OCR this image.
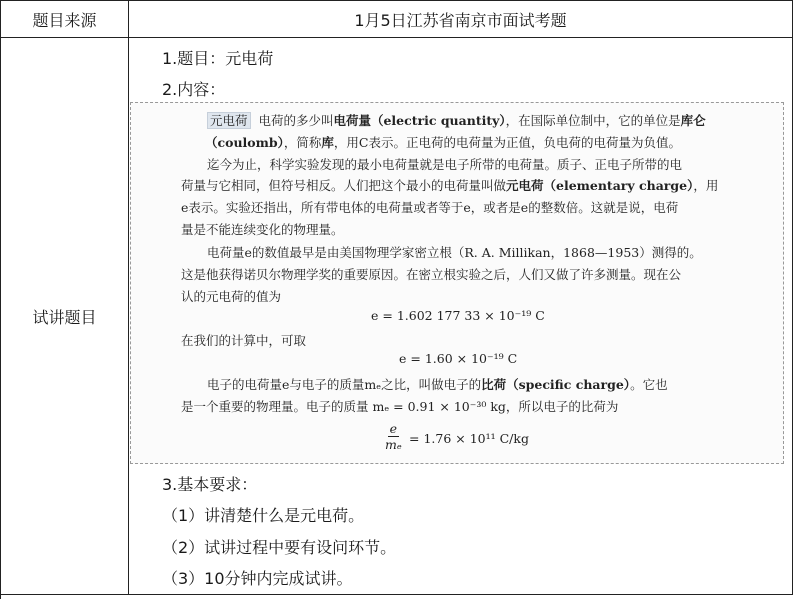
题目来源	1月5日江苏省南京市面试考题
试讲题目
1.题目：元电荷
2.内容：
元电荷 电荷的多少叫电荷量（electric quantity），在国际单位制中，它的单位是库仑
（coulomb），简称库，用C表示。正电荷的电荷量为正值，负电荷的电荷量为负值。
迄今为止，科学实验发现的最小电荷量就是电子所带的电荷量。质子、正电子所带的电
荷量与它相同，但符号相反。人们把这个最小的电荷量叫做元电荷（elementary charge），用
e表示。实验还指出，所有带电体的电荷量或者等于e，或者是e的整数倍。这就是说，电荷
量是不能连续变化的物理量。
电荷量e的数值最早是由美国物理学家密立根（R. A. Millikan，1868—1953）测得的。
这是他获得诺贝尔物理学奖的重要原因。在密立根实验之后，人们又做了许多测量。现在公
认的元电荷的值为
e = 1.602 177 33 × 10⁻¹⁹ C
在我们的计算中，可取
e = 1.60 × 10⁻¹⁹ C
电子的电荷量e与电子的质量mₑ之比，叫做电子的比荷（specific charge）。它也
是一个重要的物理量。电子的质量 mₑ = 0.91 × 10⁻³⁰ kg，所以电子的比荷为
$\frac{e}{\text{mₑ}} = 1.76 \times 10^{11}$ C/kg
3.基本要求：
（1）讲清楚什么是元电荷。
（2）试讲过程中要有设问环节。
（3）10分钟内完成试讲。
